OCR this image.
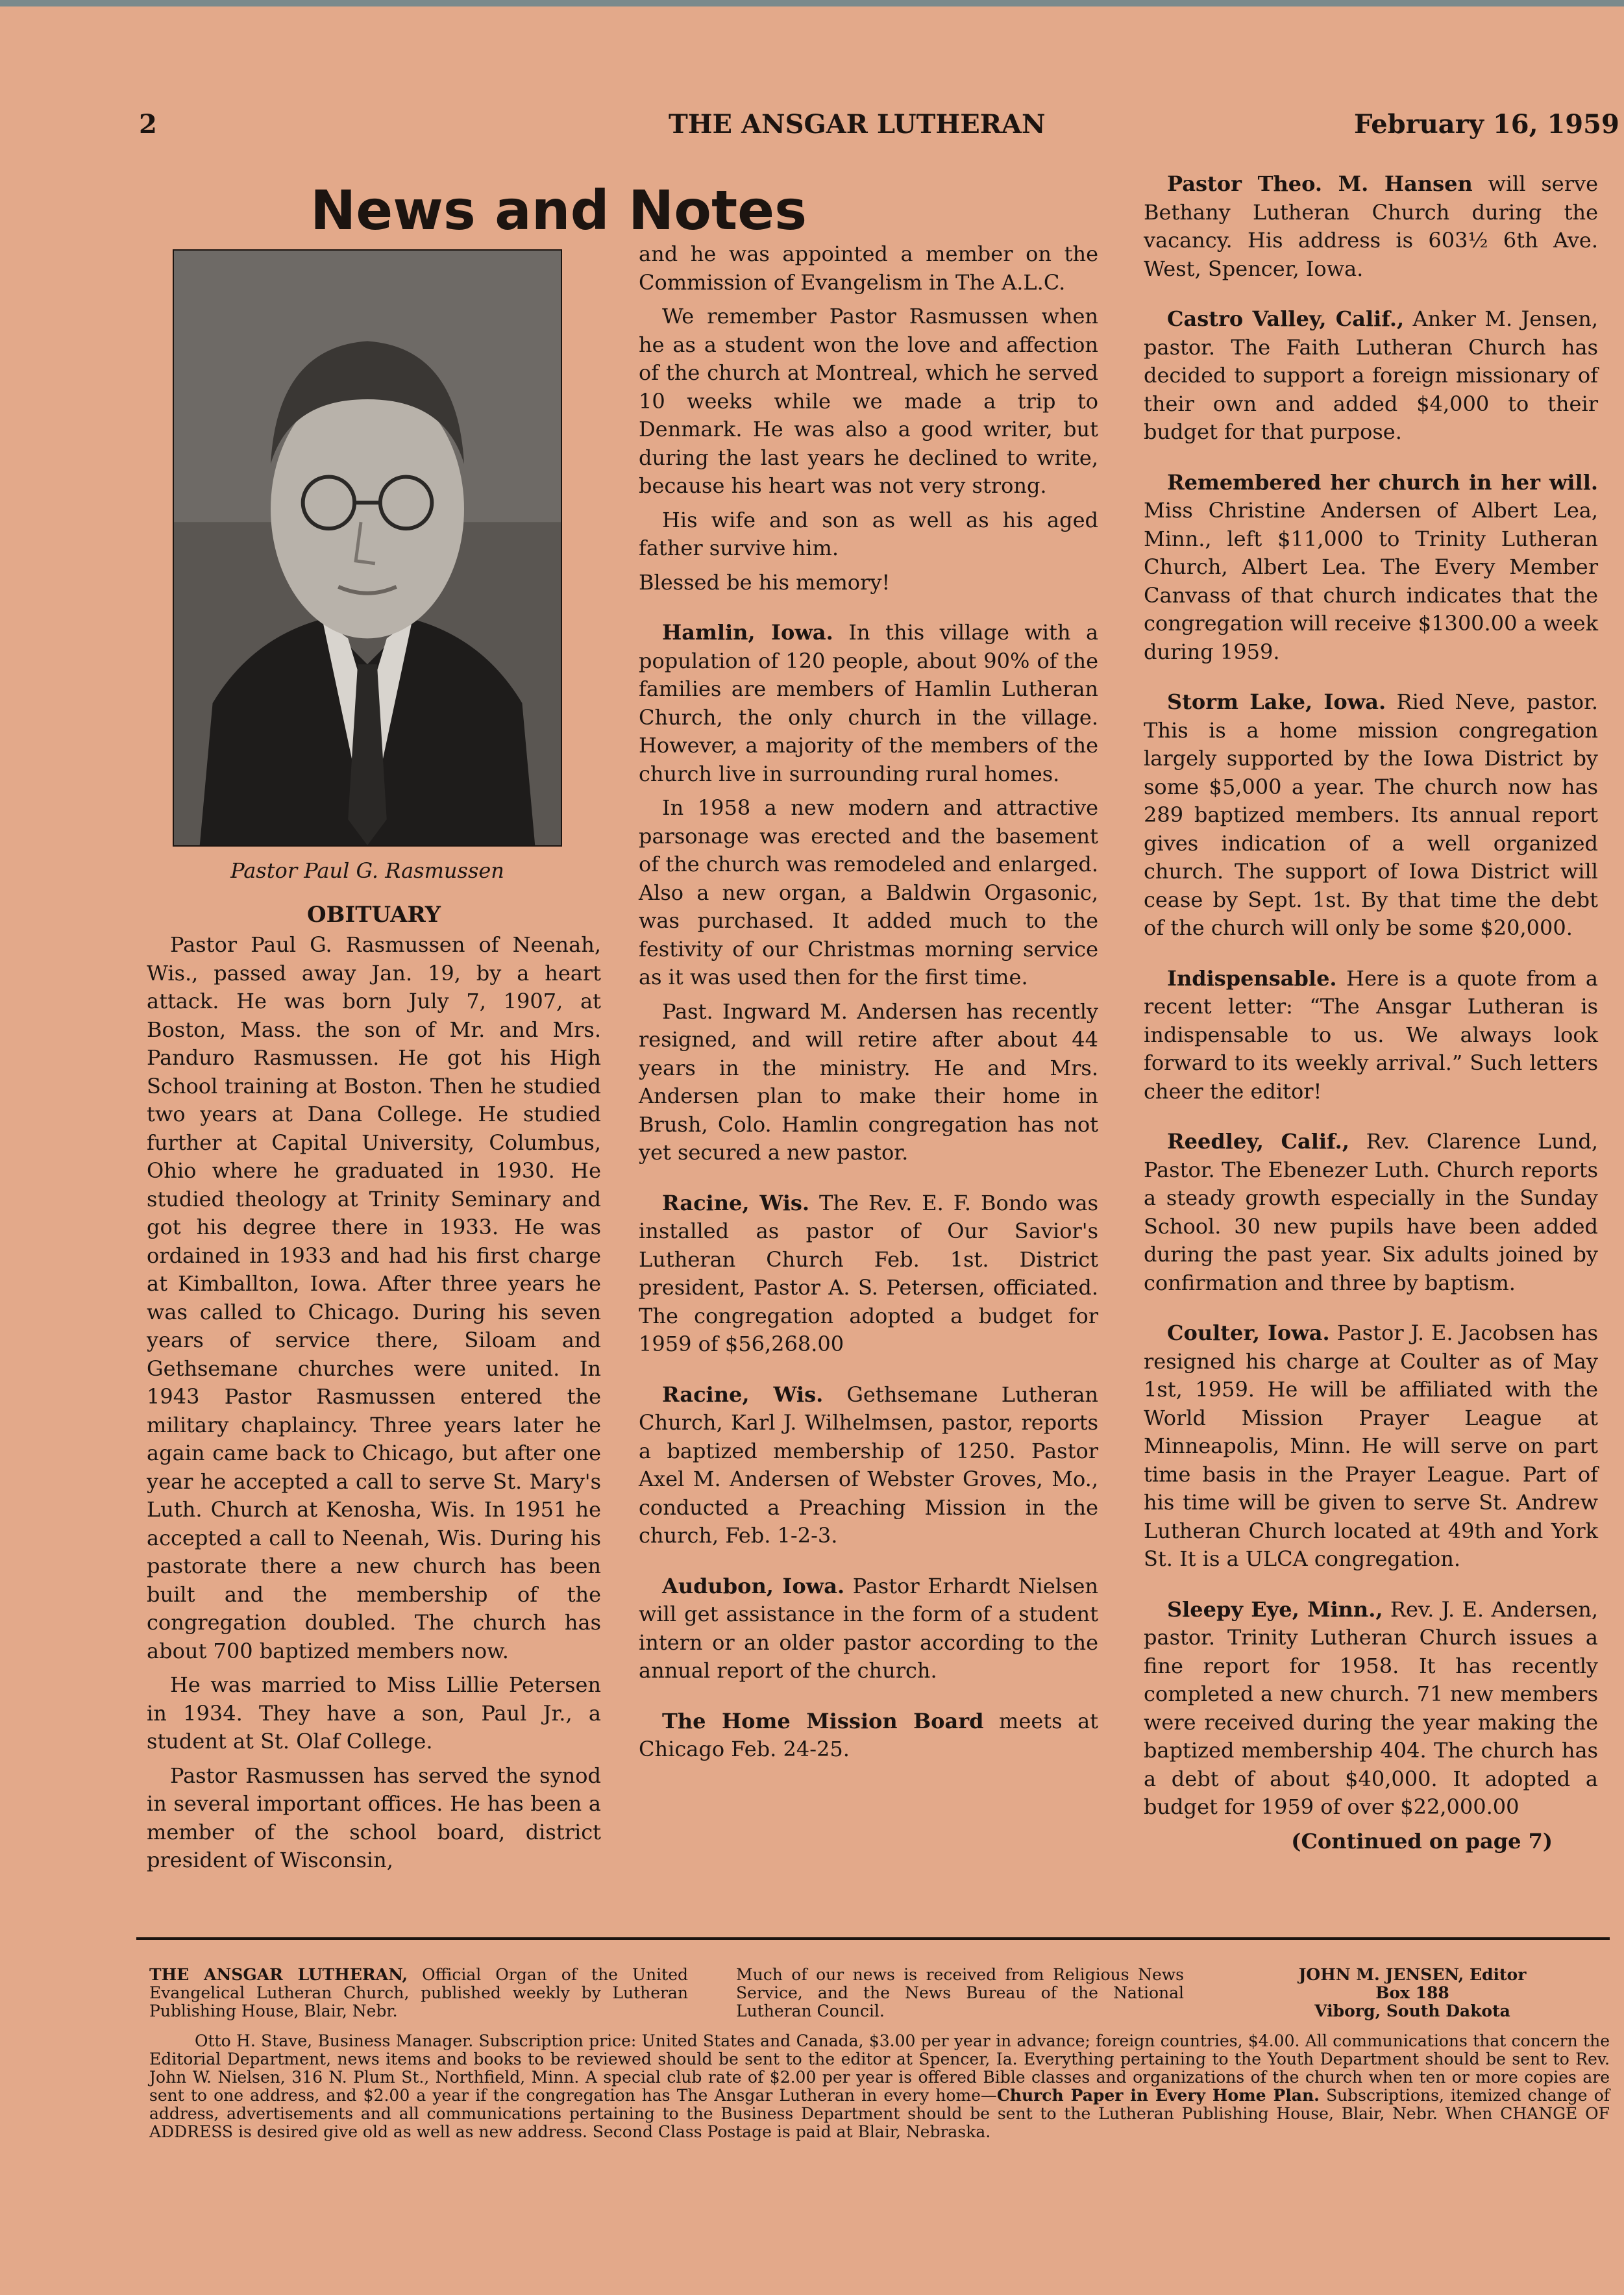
2	THE ANSGAR LUTHERAN	February 16, 1959
News and Notes
Pastor Paul G. Rasmussen
OBITUARY

Pastor Paul G. Rasmussen of Neenah, Wis., passed away Jan. 19, by a heart attack. He was born July 7, 1907, at Boston, Mass. the son of Mr. and Mrs. Panduro Rasmussen. He got his High School training at Boston. Then he studied two years at Dana College. He studied further at Capital University, Columbus, Ohio where he graduated in 1930. He studied theology at Trinity Seminary and got his degree there in 1933. He was ordained in 1933 and had his first charge at Kimballton, Iowa. After three years he was called to Chicago. During his seven years of service there, Siloam and Gethsemane churches were united. In 1943 Pastor Rasmussen entered the military chaplaincy. Three years later he again came back to Chicago, but after one year he accepted a call to serve St. Mary's Luth. Church at Kenosha, Wis. In 1951 he accepted a call to Neenah, Wis. During his pastorate there a new church has been built and the membership of the congregation doubled. The church has about 700 baptized members now.

He was married to Miss Lillie Petersen in 1934. They have a son, Paul Jr., a student at St. Olaf College.

Pastor Rasmussen has served the synod in several important offices. He has been a member of the school board, district president of Wisconsin,

and he was appointed a member on the Commission of Evangelism in The A.L.C.

We remember Pastor Rasmussen when he as a student won the love and affection of the church at Montreal, which he served 10 weeks while we made a trip to Denmark. He was also a good writer, but during the last years he declined to write, because his heart was not very strong.

His wife and son as well as his aged father survive him.

Blessed be his memory!

Hamlin, Iowa. In this village with a population of 120 people, about 90% of the families are members of Hamlin Lutheran Church, the only church in the village. However, a majority of the members of the church live in surrounding rural homes.

In 1958 a new modern and attractive parsonage was erected and the basement of the church was remodeled and enlarged. Also a new organ, a Baldwin Orgasonic, was purchased. It added much to the festivity of our Christmas morning service as it was used then for the first time.

Past. Ingward M. Andersen has recently resigned, and will retire after about 44 years in the ministry. He and Mrs. Andersen plan to make their home in Brush, Colo. Hamlin congregation has not yet secured a new pastor.

Racine, Wis. The Rev. E. F. Bondo was installed as pastor of Our Savior's Lutheran Church Feb. 1st. District president, Pastor A. S. Petersen, officiated. The congregation adopted a budget for 1959 of $56,268.00

Racine, Wis. Gethsemane Lutheran Church, Karl J. Wilhelmsen, pastor, reports a baptized membership of 1250. Pastor Axel M. Andersen of Webster Groves, Mo., conducted a Preaching Mission in the church, Feb. 1-2-3.

Audubon, Iowa. Pastor Erhardt Nielsen will get assistance in the form of a student intern or an older pastor according to the annual report of the church.

The Home Mission Board meets at Chicago Feb. 24-25.

Pastor Theo. M. Hansen will serve Bethany Lutheran Church during the vacancy. His address is 603½ 6th Ave. West, Spencer, Iowa.

Castro Valley, Calif., Anker M. Jensen, pastor. The Faith Lutheran Church has decided to support a foreign missionary of their own and added $4,000 to their budget for that purpose.

Remembered her church in her will. Miss Christine Andersen of Albert Lea, Minn., left $11,000 to Trinity Lutheran Church, Albert Lea. The Every Member Canvass of that church indicates that the congregation will receive $1300.00 a week during 1959.

Storm Lake, Iowa. Ried Neve, pastor. This is a home mission congregation largely supported by the Iowa District by some $5,000 a year. The church now has 289 baptized members. Its annual report gives indication of a well organized church. The support of Iowa District will cease by Sept. 1st. By that time the debt of the church will only be some $20,000.

Indispensable. Here is a quote from a recent letter: “The Ansgar Lutheran is indispensable to us. We always look forward to its weekly arrival.” Such letters cheer the editor!

Reedley, Calif., Rev. Clarence Lund, Pastor. The Ebenezer Luth. Church reports a steady growth especially in the Sunday School. 30 new pupils have been added during the past year. Six adults joined by confirmation and three by baptism.

Coulter, Iowa. Pastor J. E. Jacobsen has resigned his charge at Coulter as of May 1st, 1959. He will be affiliated with the World Mission Prayer League at Minneapolis, Minn. He will serve on part time basis in the Prayer League. Part of his time will be given to serve St. Andrew Lutheran Church located at 49th and York St. It is a ULCA congregation.

Sleepy Eye, Minn., Rev. J. E. Andersen, pastor. Trinity Lutheran Church issues a fine report for 1958. It has recently completed a new church. 71 new members were received during the year making the baptized membership 404. The church has a debt of about $40,000. It adopted a budget for 1959 of over $22,000.00

(Continued on page 7)

THE ANSGAR LUTHERAN, Official Organ of the United Evangelical Lutheran Church, published weekly by Lutheran Publishing House, Blair, Nebr.
Much of our news is received from Religious News Service, and the News Bureau of the National Lutheran Council.
JOHN M. JENSEN, Editor
Box 188
Viborg, South Dakota
Otto H. Stave, Business Manager. Subscription price: United States and Canada, $3.00 per year in advance; foreign countries, $4.00. All communications that concern the Editorial Department, news items and books to be reviewed should be sent to the editor at Spencer, Ia. Everything pertaining to the Youth Department should be sent to Rev. John W. Nielsen, 316 N. Plum St., Northfield, Minn. A special club rate of $2.00 per year is offered Bible classes and organizations of the church when ten or more copies are sent to one address, and $2.00 a year if the congregation has The Ansgar Lutheran in every home—Church Paper in Every Home Plan. Subscriptions, itemized change of address, advertisements and all communications pertaining to the Business Department should be sent to the Lutheran Publishing House, Blair, Nebr. When CHANGE OF ADDRESS is desired give old as well as new address. Second Class Postage is paid at Blair, Nebraska.
